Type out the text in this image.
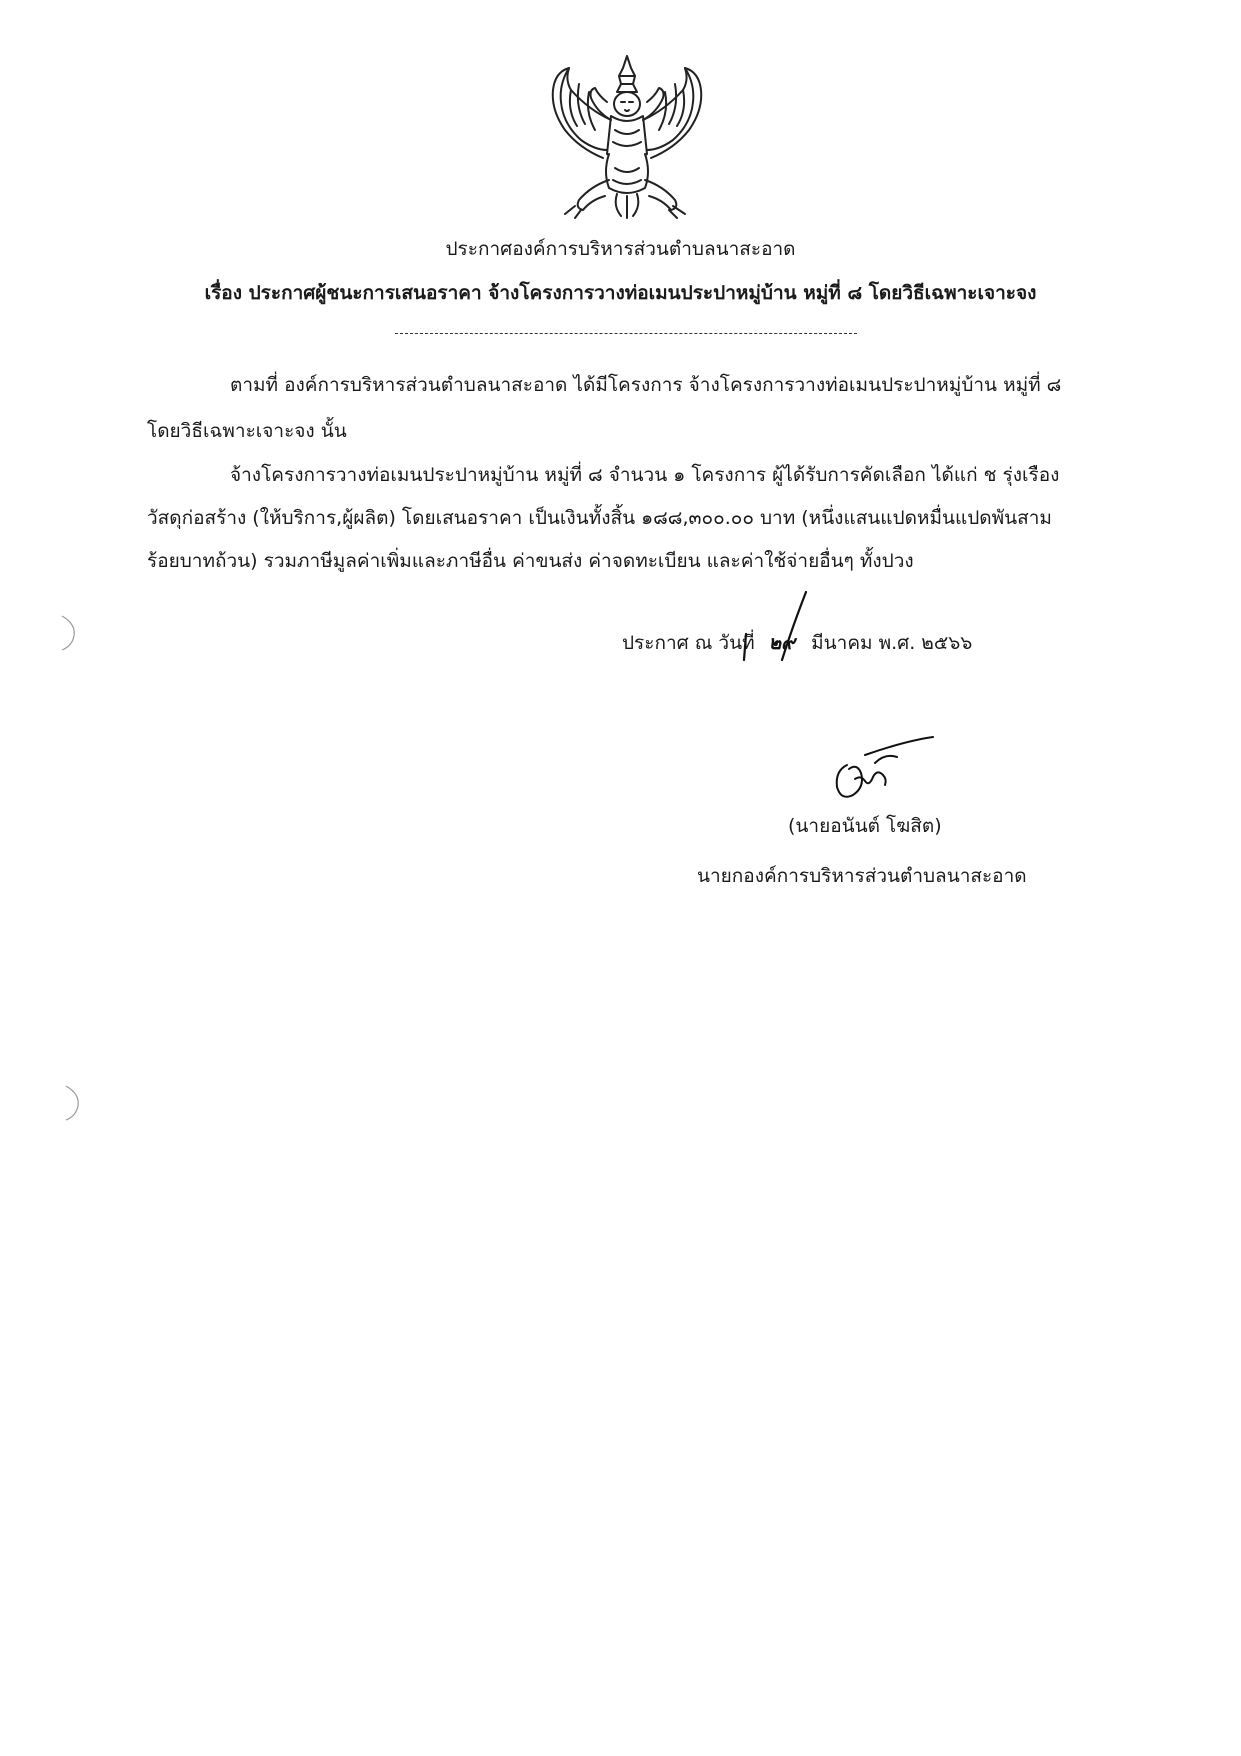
ประกาศองค์การบริหารส่วนตำบลนาสะอาด
เรื่อง ประกาศผู้ชนะการเสนอราคา จ้างโครงการวางท่อเมนประปาหมู่บ้าน หมู่ที่ ๘ โดยวิธีเฉพาะเจาะจง
ตามที่ องค์การบริหารส่วนตำบลนาสะอาด ได้มีโครงการ จ้างโครงการวางท่อเมนประปาหมู่บ้าน หมู่ที่ ๘
โดยวิธีเฉพาะเจาะจง นั้น
จ้างโครงการวางท่อเมนประปาหมู่บ้าน หมู่ที่ ๘ จำนวน ๑ โครงการ ผู้ได้รับการคัดเลือก ได้แก่ ช รุ่งเรือง
วัสดุก่อสร้าง (ให้บริการ,ผู้ผลิต) โดยเสนอราคา เป็นเงินทั้งสิ้น ๑๘๘,๓๐๐.๐๐ บาท (หนึ่งแสนแปดหมื่นแปดพันสาม
ร้อยบาทถ้วน) รวมภาษีมูลค่าเพิ่มและภาษีอื่น ค่าขนส่ง ค่าจดทะเบียน และค่าใช้จ่ายอื่นๆ ทั้งปวง
ประกาศ ณ วันที่ ๒๙ มีนาคม พ.ศ. ๒๕๖๖
(นายอนันต์ โฆสิต)
นายกองค์การบริหารส่วนตำบลนาสะอาด
